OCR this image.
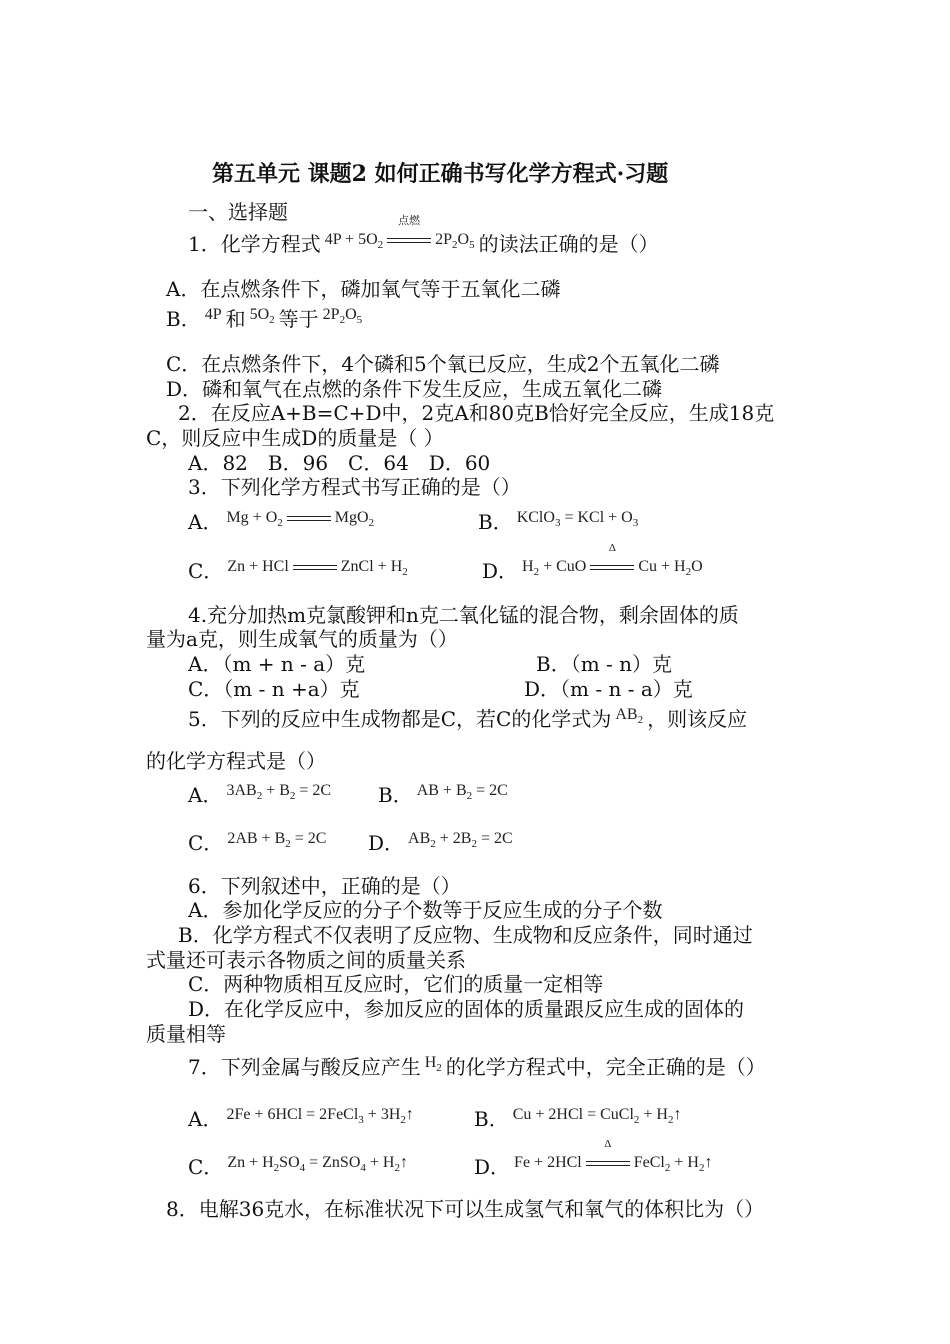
第五单元 课题2 如何正确书写化学方程式·习题
一、选择题
1．化学方程式 $^{4P + 5O_2 点燃 2P_2O_5}$ 的读法正确的是（）
A．在点燃条件下，磷加氧气等于五氧化二磷
B． $^{4P}$ 和 $^{5O_2}$ 等于 $^{2P_2O_5}$
C．在点燃条件下，4个磷和5个氧已反应，生成2个五氧化二磷
D．磷和氧气在点燃的条件下发生反应，生成五氧化二磷
2．在反应A+B=C+D中，2克A和80克B恰好完全反应，生成18克
C，则反应中生成D的质量是（ ）
A．82　B．96　C．64　D．60
3．下列化学方程式书写正确的是（）
A． $^{Mg + O_2 MgO_2}$	B． $^{KClO_3 = KCl + O_3}$
C． $^{Zn + HCl ZnCl + H_2}$	D． $^{H_2 + CuO \Delta Cu + H_2O}$
4.充分加热m克氯酸钾和n克二氧化锰的混合物，剩余固体的质
量为a克，则生成氧气的质量为（）
A．（m + n - a）克	B．（m - n）克
C．（m - n +a）克	D．（m - n - a）克
5．下列的反应中生成物都是C，若C的化学式为 $^{AB_2}$ ，则该反应
的化学方程式是（）
A． $^{3AB_2 + B_2 = 2C}$ B． $^{AB + B_2 = 2C}$
C． $^{2AB + B_2 = 2C}$ D． $^{AB_2 + 2B_2 = 2C}$
6．下列叙述中，正确的是（）
A．参加化学反应的分子个数等于反应生成的分子个数
B．化学方程式不仅表明了反应物、生成物和反应条件，同时通过
式量还可表示各物质之间的质量关系
C．两种物质相互反应时，它们的质量一定相等
D．在化学反应中，参加反应的固体的质量跟反应生成的固体的
质量相等
7．下列金属与酸反应产生 $^{H_2}$ 的化学方程式中，完全正确的是（）
A． $^{2Fe + 6HCl = 2FeCl_3 + 3H_2↑}$	B． $^{Cu + 2HCl = CuCl_2 + H_2↑}$
C． $^{Zn + H_2SO_4 = ZnSO_4 + H_2↑}$	D． $^{Fe + 2HCl \Delta FeCl_2 + H_2↑}$
8．电解36克水，在标准状况下可以生成氢气和氧气的体积比为（）
